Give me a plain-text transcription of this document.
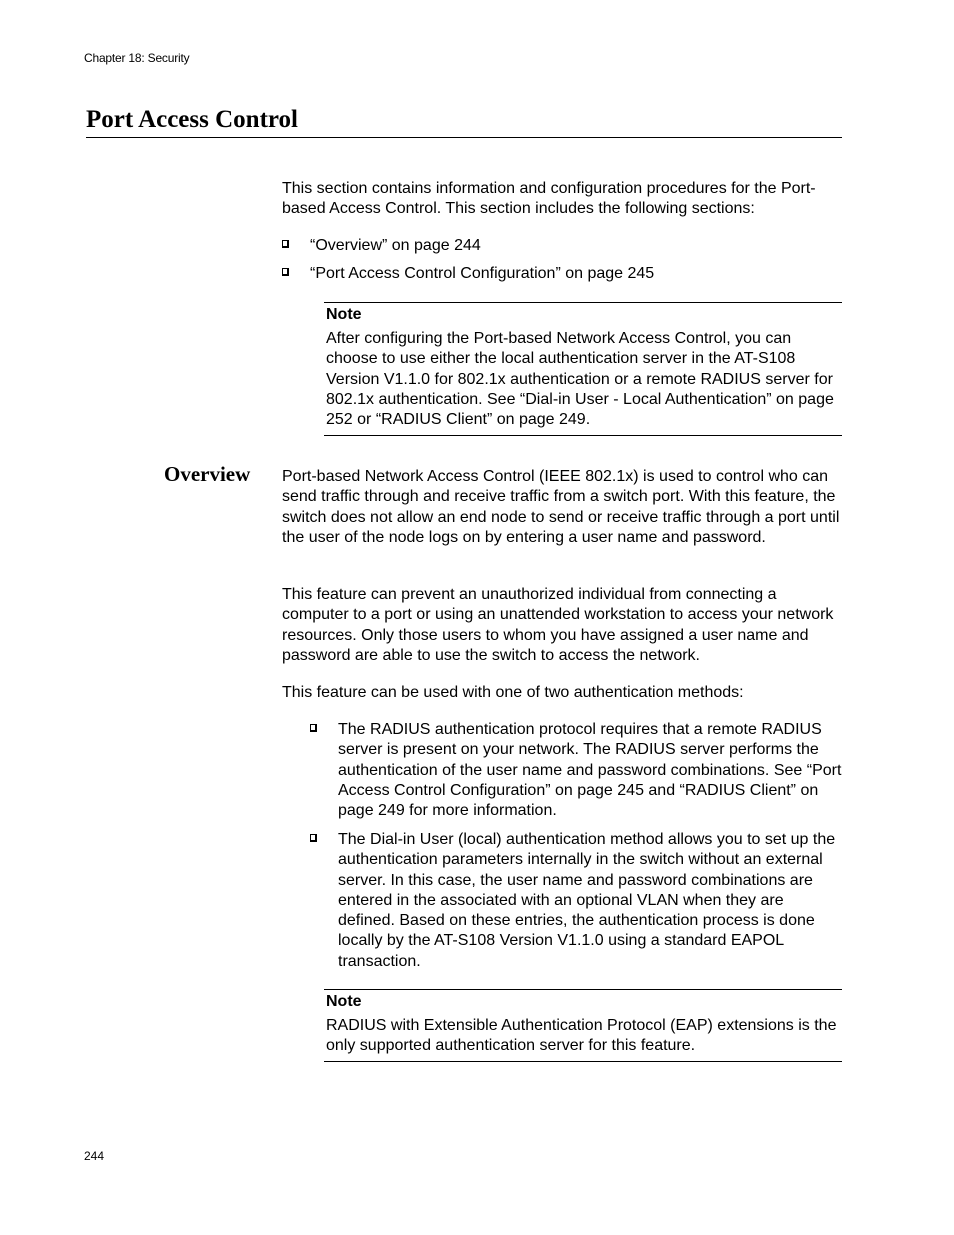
Chapter 18: Security
Port Access Control

This section contains information and configuration procedures for the Port-based Access Control. This section includes the following sections:

“Overview” on page 244
“Port Access Control Configuration” on page 245
Note
After configuring the Port-based Network Access Control, you can choose to use either the local authentication server in the AT-S108 Version V1.1.0 for 802.1x authentication or a remote RADIUS server for 802.1x authentication. See “Dial-in User - Local Authentication” on page 252 or “RADIUS Client” on page 249.
Overview Port-based Network Access Control (IEEE 802.1x) is used to control who can send traffic through and receive traffic from a switch port. With this feature, the switch does not allow an end node to send or receive traffic through a port until the user of the node logs on by entering a user name and password.

This feature can prevent an unauthorized individual from connecting a computer to a port or using an unattended workstation to access your network resources. Only those users to whom you have assigned a user name and password are able to use the switch to access the network.

This feature can be used with one of two authentication methods:

The RADIUS authentication protocol requires that a remote RADIUS server is present on your network. The RADIUS server performs the authentication of the user name and password combinations. See “Port Access Control Configuration” on page 245 and “RADIUS Client” on page 249 for more information.
The Dial-in User (local) authentication method allows you to set up the authentication parameters internally in the switch without an external server. In this case, the user name and password combinations are entered in the associated with an optional VLAN when they are defined. Based on these entries, the authentication process is done locally by the AT-S108 Version V1.1.0 using a standard EAPOL transaction.
Note
RADIUS with Extensible Authentication Protocol (EAP) extensions is the only supported authentication server for this feature.
244
